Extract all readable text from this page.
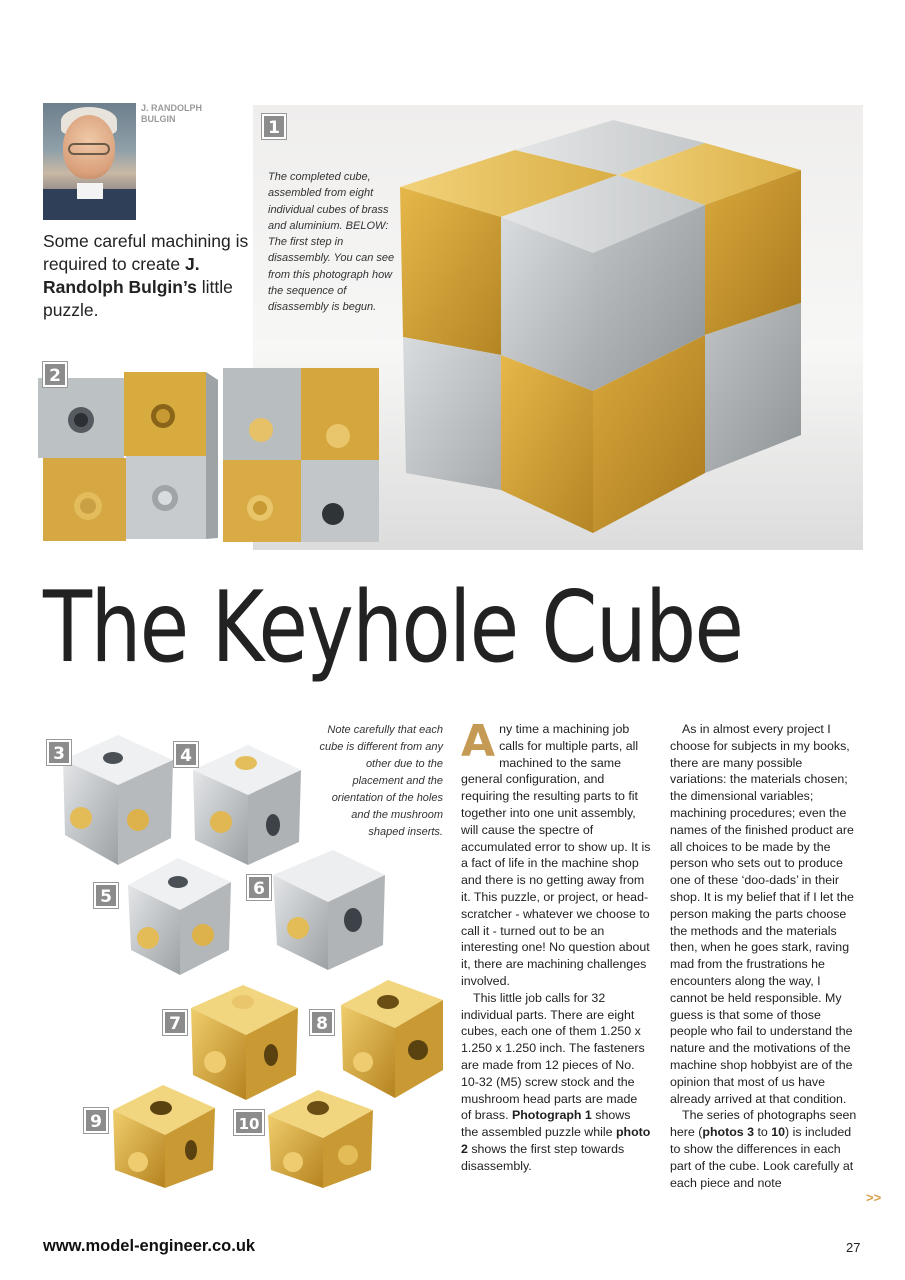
J. RANDOLPH BULGIN
Some careful machining is required to create J. Randolph Bulgin’s little puzzle.
1
The completed cube, assembled from eight individual cubes of brass and aluminium. BELOW: The first step in disassembly. You can see from this photograph how the sequence of disassembly is begun.
2
The Keyhole Cube
3	4
5	6
7	8
9	10
Note carefully that each cube is different from any other due to the placement and the orientation of the holes and the mushroom shaped inserts.

Any time a machining job calls for multiple parts, all machined to the same general configuration, and requiring the resulting parts to fit together into one unit assembly, will cause the spectre of accumulated error to show up. It is a fact of life in the machine shop and there is no getting away from it. This puzzle, or project, or head-scratcher - whatever we choose to call it - turned out to be an interesting one! No question about it, there are machining challenges involved.

This little job calls for 32 individual parts. There are eight cubes, each one of them 1.250 x 1.250 x 1.250 inch. The fasteners are made from 12 pieces of No. 10-32 (M5) screw stock and the mushroom head parts are made of brass. Photograph 1 shows the assembled puzzle while photo 2 shows the first step towards disassembly.

As in almost every project I choose for subjects in my books, there are many possible variations: the materials chosen; the dimensional variables; machining procedures; even the names of the finished product are all choices to be made by the person who sets out to produce one of these ‘doo-dads’ in their shop. It is my belief that if I let the person making the parts choose the methods and the materials then, when he goes stark, raving mad from the frustrations he encounters along the way, I cannot be held responsible. My guess is that some of those people who fail to understand the nature and the motivations of the machine shop hobbyist are of the opinion that most of us have already arrived at that condition.

The series of photographs seen here (photos 3 to 10) is included to show the differences in each part of the cube. Look carefully at each piece and note

>>
www.model-engineer.co.uk	27
